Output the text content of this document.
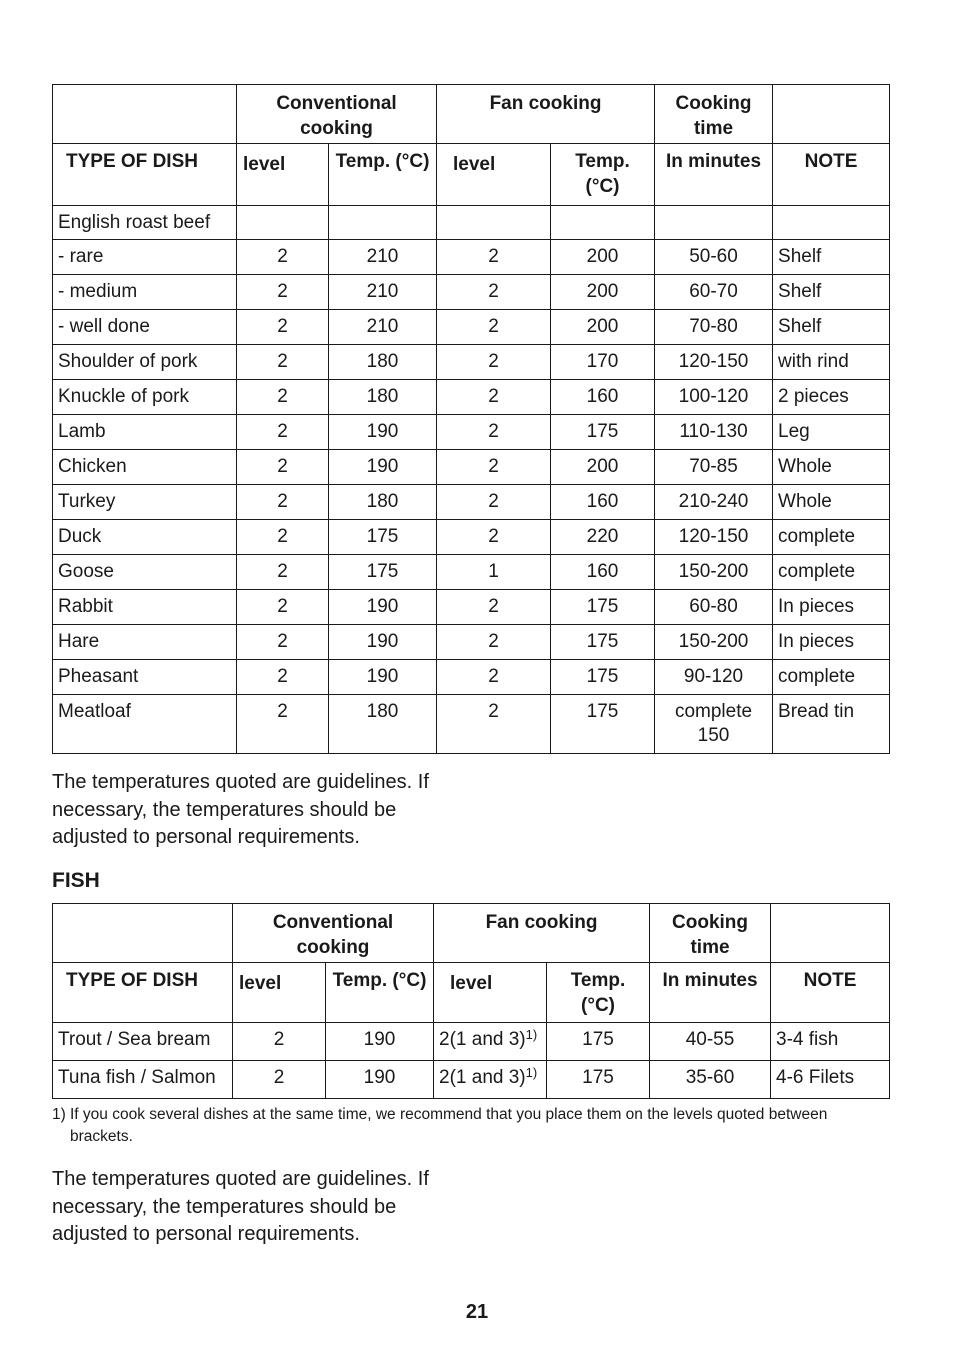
	Conventional cooking		Fan cooking		Cooking time	
TYPE OF DISH	level	Temp. (°C)	level	Temp. (°C)	In minutes	NOTE
English roast beef						
- rare	2	210	2	200	50-60	Shelf
- medium	2	210	2	200	60-70	Shelf
- well done	2	210	2	200	70-80	Shelf
Shoulder of pork	2	180	2	170	120-150	with rind
Knuckle of pork	2	180	2	160	100-120	2 pieces
Lamb	2	190	2	175	110-130	Leg
Chicken	2	190	2	200	70-85	Whole
Turkey	2	180	2	160	210-240	Whole
Duck	2	175	2	220	120-150	complete
Goose	2	175	1	160	150-200	complete
Rabbit	2	190	2	175	60-80	In pieces
Hare	2	190	2	175	150-200	In pieces
Pheasant	2	190	2	175	90-120	complete
Meatloaf	2	180	2	175	complete 150	Bread tin

The temperatures quoted are guidelines. If necessary, the temperatures should be adjusted to personal requirements.

FISH
	Conventional cooking		Fan cooking		Cooking time	
TYPE OF DISH	level	Temp. (°C)	level	Temp. (°C)	In minutes	NOTE
Trout / Sea bream	2	190	2(1 and 3)$^{1)}$	175	40-55	3-4 fish
Tuna fish / Salmon	2	190	2(1 and 3)$^{1)}$	175	35-60	4-6 Filets
1) If you cook several dishes at the same time, we recommend that you place them on the levels quoted between brackets.

The temperatures quoted are guidelines. If necessary, the temperatures should be adjusted to personal requirements.

21
